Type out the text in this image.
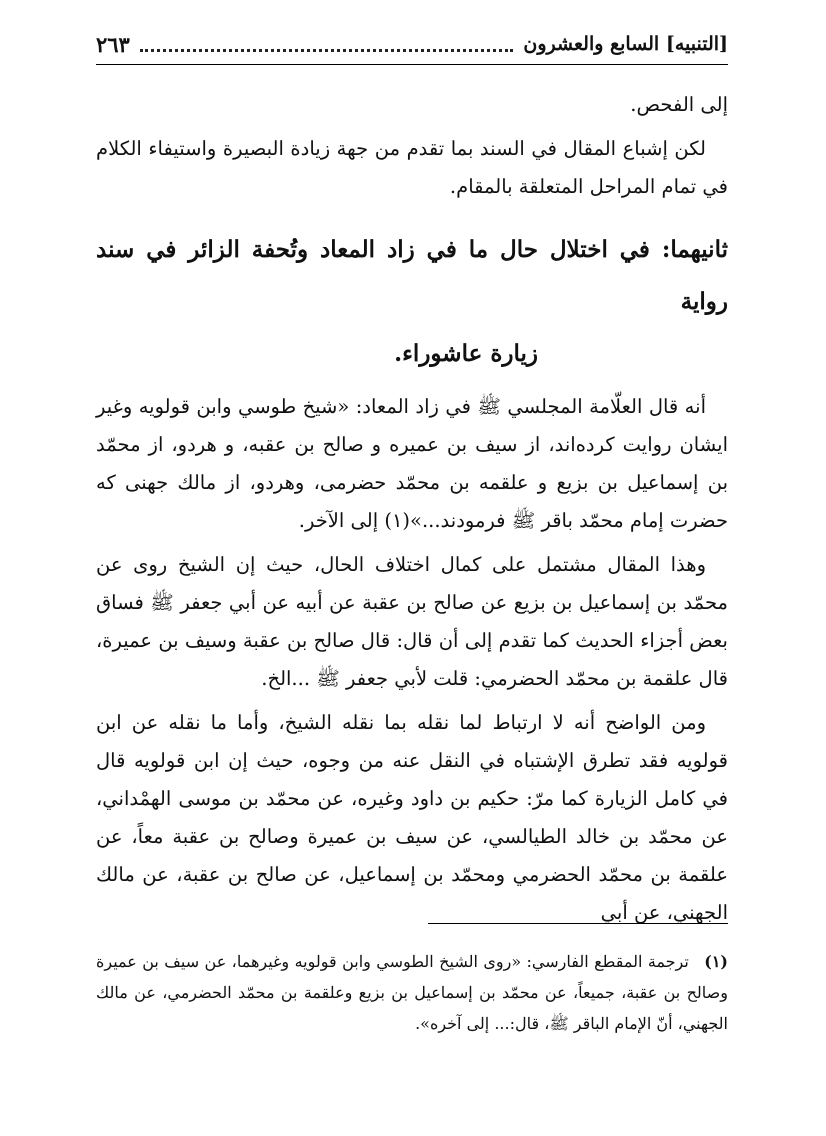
[التنبيه] السابع والعشرون
٢٦٣

إلى الفحص.

لكن إشباع المقال في السند بما تقدم من جهة زيادة البصيرة واستيفاء الكلام في تمام المراحل المتعلقة بالمقام.

ثانيهما: في اختلال حال ما في زاد المعاد وتُحفة الزائر في سند رواية
زيارة عاشوراء.

أنه قال العلّامة المجلسي ﷺ في زاد المعاد: «شيخ طوسي وابن قولويه وغير ايشان روايت كرده‌اند، از سيف بن عميره و صالح بن عقبه، و هردو، از محمّد بن إسماعيل بن بزيع و علقمه بن محمّد حضرمى، وهردو، از مالك جهنى كه حضرت إمام محمّد باقر ﷺ فرمودند...»(١) إلى الآخر.

وهذا المقال مشتمل على كمال اختلاف الحال، حيث إن الشيخ روى عن محمّد بن إسماعيل بن بزيع عن صالح بن عقبة عن أبيه عن أبي جعفر ﷺ فساق بعض أجزاء الحديث كما تقدم إلى أن قال: قال صالح بن عقبة وسيف بن عميرة، قال علقمة بن محمّد الحضرمي: قلت لأبي جعفر ﷺ ...الخ.

ومن الواضح أنه لا ارتباط لما نقله بما نقله الشيخ، وأما ما نقله عن ابن قولويه فقد تطرق الإشتباه في النقل عنه من وجوه، حيث إن ابن قولويه قال في كامل الزيارة كما مرّ: حكيم بن داود وغيره، عن محمّد بن موسى الهمْداني، عن محمّد بن خالد الطيالسي، عن سيف بن عميرة وصالح بن عقبة معاً، عن علقمة بن محمّد الحضرمي ومحمّد بن إسماعيل، عن صالح بن عقبة، عن مالك الجهني، عن أبي

(١) ترجمة المقطع الفارسي: «روى الشيخ الطوسي وابن قولويه وغيرهما، عن سيف بن عميرة وصالح بن عقبة، جميعاً، عن محمّد بن إسماعيل بن بزيع وعلقمة بن محمّد الحضرمي، عن مالك الجهني، أنّ الإمام الباقر ﷺ، قال:... إلى آخره».
